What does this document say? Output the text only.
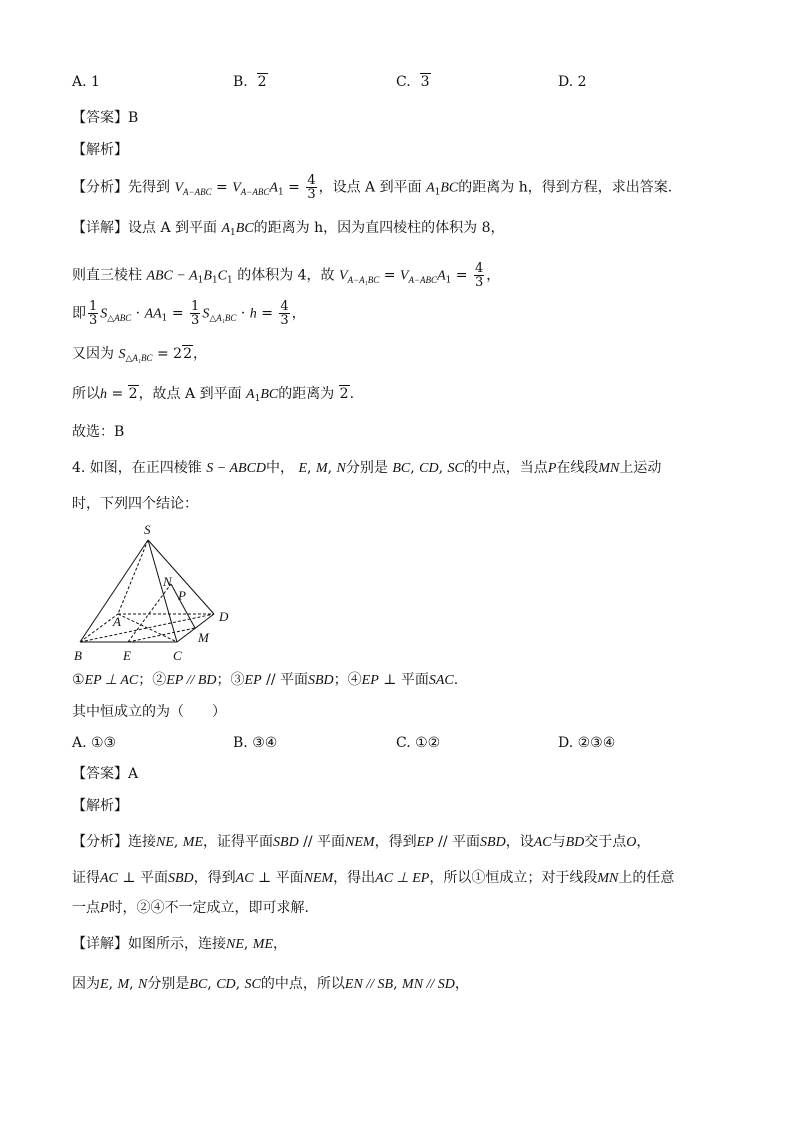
A. 1	B. 2	C. 3	D. 2
【答案】B
【解析】
【分析】先得到 $V_{A-ABC} = V_{A-ABC}A_1 = \frac{4}{3}$ ，设点 A 到平面 $A_1BC$的距离为 h，得到方程，求出答案.
【详解】设点 A 到平面 $A_1BC$的距离为 h，因为直四棱柱的体积为 8，
则直三棱柱 ABC − $A_1B_1C_1$ 的体积为 4，故 $V_{A-A_1BC} = V_{A-ABC}A_1 = \frac{4}{3}$ ，
即 $\frac{1}{3} S_{\triangle ABC} \cdot AA_1 = \frac{1}{3} S_{\triangle A_1BC} \cdot h = \frac{4}{3}$ ，
又因为 $S_{\triangle A_1BC} = 22$，
所以h = 2，故点 A 到平面 $A_1BC$的距离为 2.
故选：B
4. 如图，在正四棱锥 S − ABCD中， E, M, N分别是 BC, CD, SC的中点，当点P在线段MN上运动
时，下列四个结论：
S
N
P
D
A
M
B	E	C
①EP ⊥ AC；②EP // BD；③EP // 平面SBD；④EP ⊥ 平面SAC.
其中恒成立的为（　　）
A. ①③	B. ③④	C. ①②	D. ②③④
【答案】A
【解析】
【分析】连接NE, ME，证得平面SBD // 平面NEM，得到EP // 平面SBD，设AC与BD交于点O，
证得AC ⊥ 平面SBD，得到AC ⊥ 平面NEM，得出AC ⊥ EP，所以①恒成立；对于线段MN上的任意
一点P时，②④不一定成立，即可求解.
【详解】如图所示，连接NE, ME，
因为E, M, N分别是BC, CD, SC的中点，所以EN // SB, MN // SD，
